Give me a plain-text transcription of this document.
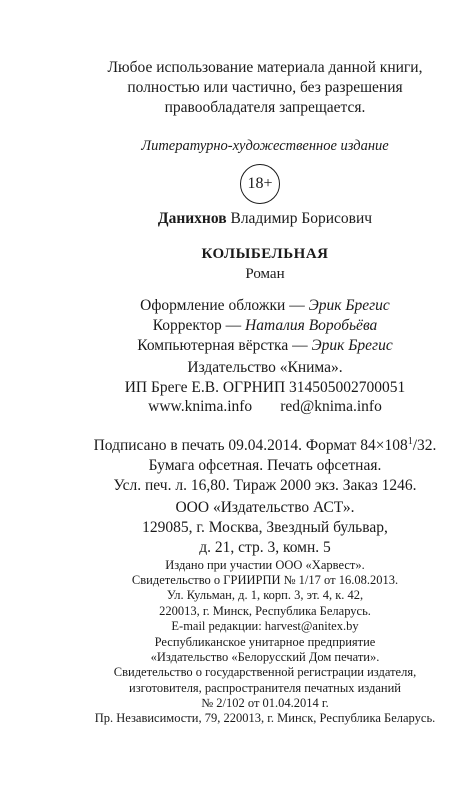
Любое использование материала данной книги,
полностью или частично, без разрешения
правообладателя запрещается.
Литературно-художественное издание
18+
Данихнов Владимир Борисович
КОЛЫБЕЛЬНАЯ
Роман
Оформление обложки — Эрик Брегис
Корректор — Наталия Воробьёва
Компьютерная вёрстка — Эрик Брегис
Издательство «Книма».
ИП Бреге Е.В. ОГРНИП 314505002700051
www.knima.info red@knima.info
Подписано в печать 09.04.2014. Формат $84\times 108^1/32$.
Бумага офсетная. Печать офсетная.
Усл. печ. л. 16,80. Тираж 2000 экз. Заказ 1246.
ООО «Издательство АСТ».
129085, г. Москва, Звездный бульвар,
д. 21, стр. 3, комн. 5
Издано при участии ООО «Харвест».
Свидетельство о ГРИИРПИ № 1/17 от 16.08.2013.
Ул. Кульман, д. 1, корп. 3, эт. 4, к. 42,
220013, г. Минск, Республика Беларусь.
E-mail редакции: harvest@anitex.by
Республиканское унитарное предприятие
«Издательство «Белорусский Дом печати».
Свидетельство о государственной регистрации издателя,
изготовителя, распространителя печатных изданий
№ 2/102 от 01.04.2014 г.
Пр. Независимости, 79, 220013, г. Минск, Республика Беларусь.
